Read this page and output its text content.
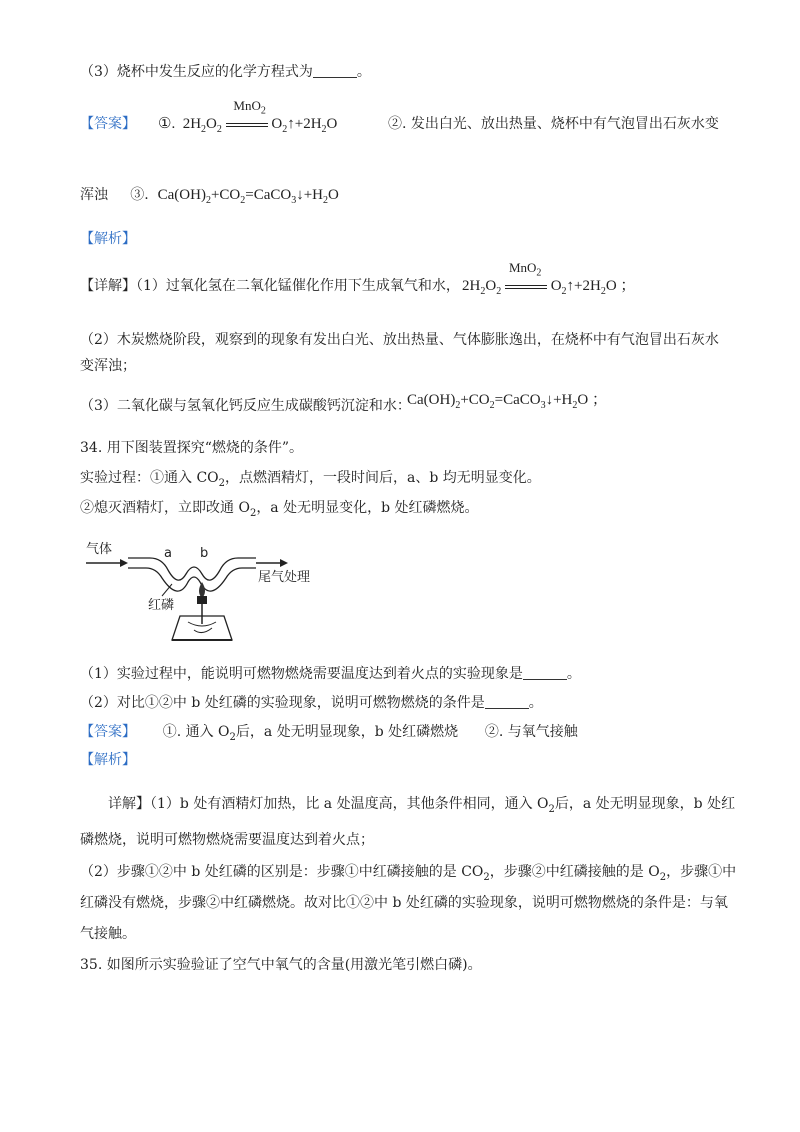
（3）烧杯中发生反应的化学方程式为	。
【答案】 ①. $2H_2O_2$
MnO$_2$
$O_2↑+2H_2O$	②. 发出白光、放出热量、烧杯中有气泡冒出石灰水变
浑浊 ③. $Ca(OH)_2+CO_2=CaCO_3↓+H_2O$
【解析】
【详解】（1）过氧化氢在二氧化锰催化作用下生成氧气和水， $2H_2O_2$
MnO$_2$
$O_2↑+2H_2O$ ；
（2）木炭燃烧阶段，观察到的现象有发出白光、放出热量、气体膨胀逸出，在烧杯中有气泡冒出石灰水
变浑浊；
（3）二氧化碳与氢氧化钙反应生成碳酸钙沉淀和水：
$Ca(OH)_2+CO_2=CaCO_3↓+H_2O$ ；
34. 用下图装置探究“燃烧的条件”。
实验过程：①通入 $CO_2$，点燃酒精灯，一段时间后，a、b 均无明显变化。
②熄灭酒精灯，立即改通 $O_2$，a 处无明显变化，b 处红磷燃烧。
气体	a b
尾气处理
红磷
（1）实验过程中，能说明可燃物燃烧需要温度达到着火点的实验现象是	。
（2）对比①②中 b 处红磷的实验现象，说明可燃物燃烧的条件是	。
【答案】 ①. 通入 $O_2$后，a 处无明显现象，b 处红磷燃烧 ②. 与氧气接触
【解析】
详解】（1）b 处有酒精灯加热，比 a 处温度高，其他条件相同，通入 $O_2$后，a 处无明显现象，b 处红
磷燃烧，说明可燃物燃烧需要温度达到着火点；
（2）步骤①②中 b 处红磷的区别是：步骤①中红磷接触的是 $CO_2$，步骤②中红磷接触的是 $O_2$，步骤①中
红磷没有燃烧，步骤②中红磷燃烧。故对比①②中 b 处红磷的实验现象，说明可燃物燃烧的条件是：与氧
气接触。
35. 如图所示实验验证了空气中氧气的含量(用激光笔引燃白磷)。
